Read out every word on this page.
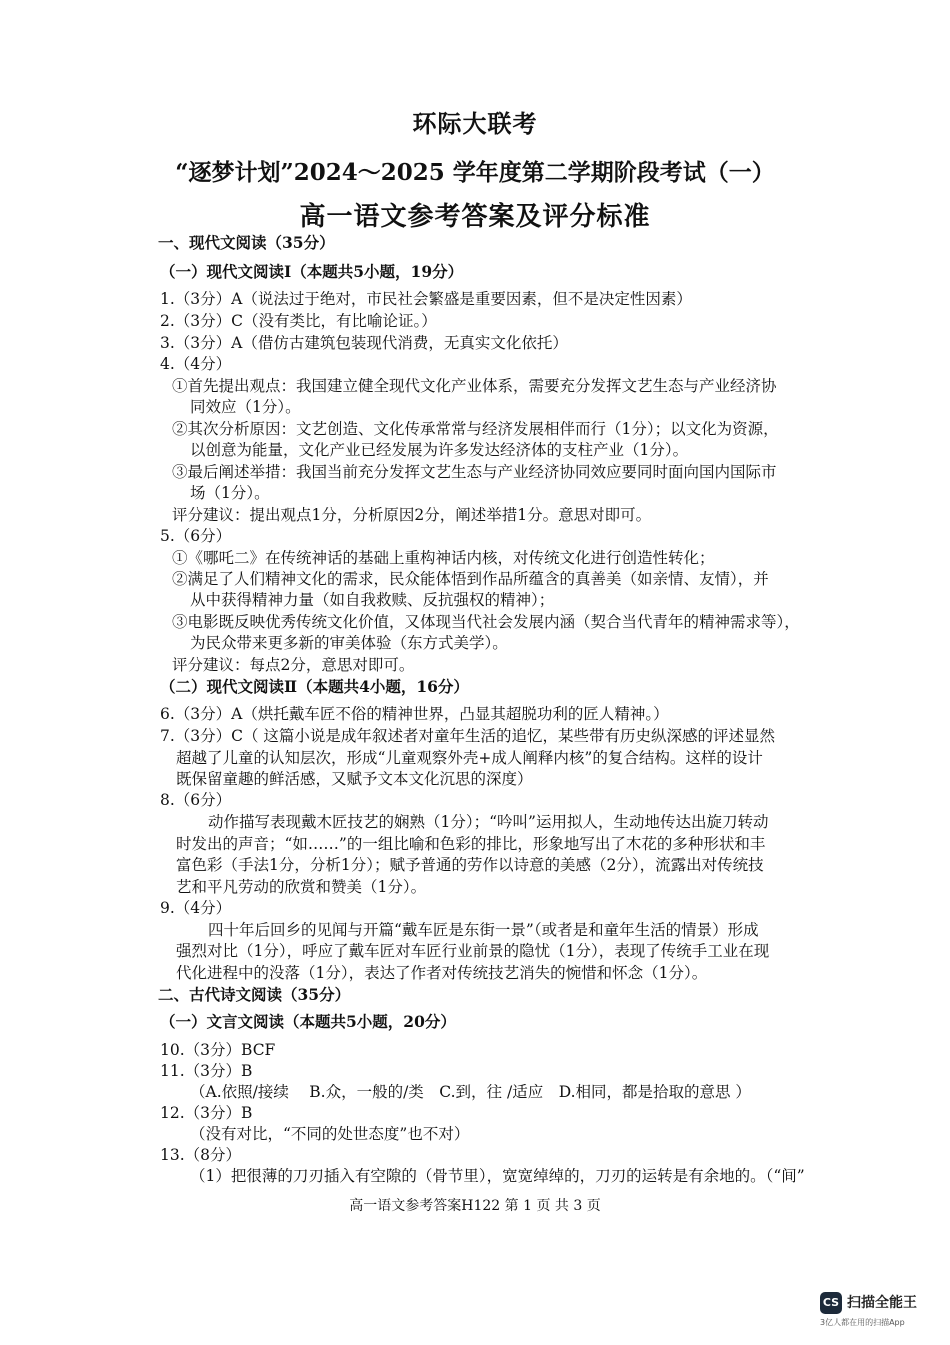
环际大联考
“逐梦计划”2024～2025 学年度第二学期阶段考试（一）
高一语文参考答案及评分标准
一、现代文阅读（35分）
（一）现代文阅读Ⅰ（本题共5小题，19分）
1.（3分）A（说法过于绝对，市民社会繁盛是重要因素，但不是决定性因素）
2.（3分）C（没有类比，有比喻论证。）
3.（3分）A（借仿古建筑包装现代消费，无真实文化依托）
4.（4分）
①首先提出观点：我国建立健全现代文化产业体系，需要充分发挥文艺生态与产业经济协
同效应（1分）。
②其次分析原因：文艺创造、文化传承常常与经济发展相伴而行（1分）；以文化为资源，
以创意为能量，文化产业已经发展为许多发达经济体的支柱产业（1分）。
③最后阐述举措：我国当前充分发挥文艺生态与产业经济协同效应要同时面向国内国际市
场（1分）。
评分建议：提出观点1分，分析原因2分，阐述举措1分。意思对即可。
5.（6分）
①《哪吒二》在传统神话的基础上重构神话内核，对传统文化进行创造性转化；
②满足了人们精神文化的需求，民众能体悟到作品所蕴含的真善美（如亲情、友情），并
从中获得精神力量（如自我救赎、反抗强权的精神）；
③电影既反映优秀传统文化价值，又体现当代社会发展内涵（契合当代青年的精神需求等），
为民众带来更多新的审美体验（东方式美学）。
评分建议：每点2分，意思对即可。
（二）现代文阅读Ⅱ（本题共4小题，16分）
6.（3分）A（烘托戴车匠不俗的精神世界，凸显其超脱功利的匠人精神。）
7.（3分）C（ 这篇小说是成年叙述者对童年生活的追忆，某些带有历史纵深感的评述显然
超越了儿童的认知层次，形成“儿童观察外壳+成人阐释内核”的复合结构。这样的设计
既保留童趣的鲜活感，又赋予文本文化沉思的深度）
8.（6分）
动作描写表现戴木匠技艺的娴熟（1分）；“吟叫”运用拟人，生动地传达出旋刀转动
时发出的声音；“如……”的一组比喻和色彩的排比，形象地写出了木花的多种形状和丰
富色彩（手法1分，分析1分）；赋予普通的劳作以诗意的美感（2分），流露出对传统技
艺和平凡劳动的欣赏和赞美（1分）。
9.（4分）
四十年后回乡的见闻与开篇“戴车匠是东街一景”（或者是和童年生活的情景）形成
强烈对比（1分），呼应了戴车匠对车匠行业前景的隐忧（1分），表现了传统手工业在现
代化进程中的没落（1分），表达了作者对传统技艺消失的惋惜和怀念（1分）。
二、古代诗文阅读（35分）
（一）文言文阅读（本题共5小题，20分）
10.（3分）BCF
11.（3分）B
（A.依照/接续　 B.众，一般的/类　C.到，往 /适应　D.相同，都是拾取的意思 ）
12.（3分）B
（没有对比，“不同的处世态度”也不对）
13.（8分）
（1）把很薄的刀刃插入有空隙的（骨节里），宽宽绰绰的，刀刃的运转是有余地的。（“间”
高一语文参考答案H122 第 1 页 共 3 页
CS 扫描全能王
3亿人都在用的扫描App
